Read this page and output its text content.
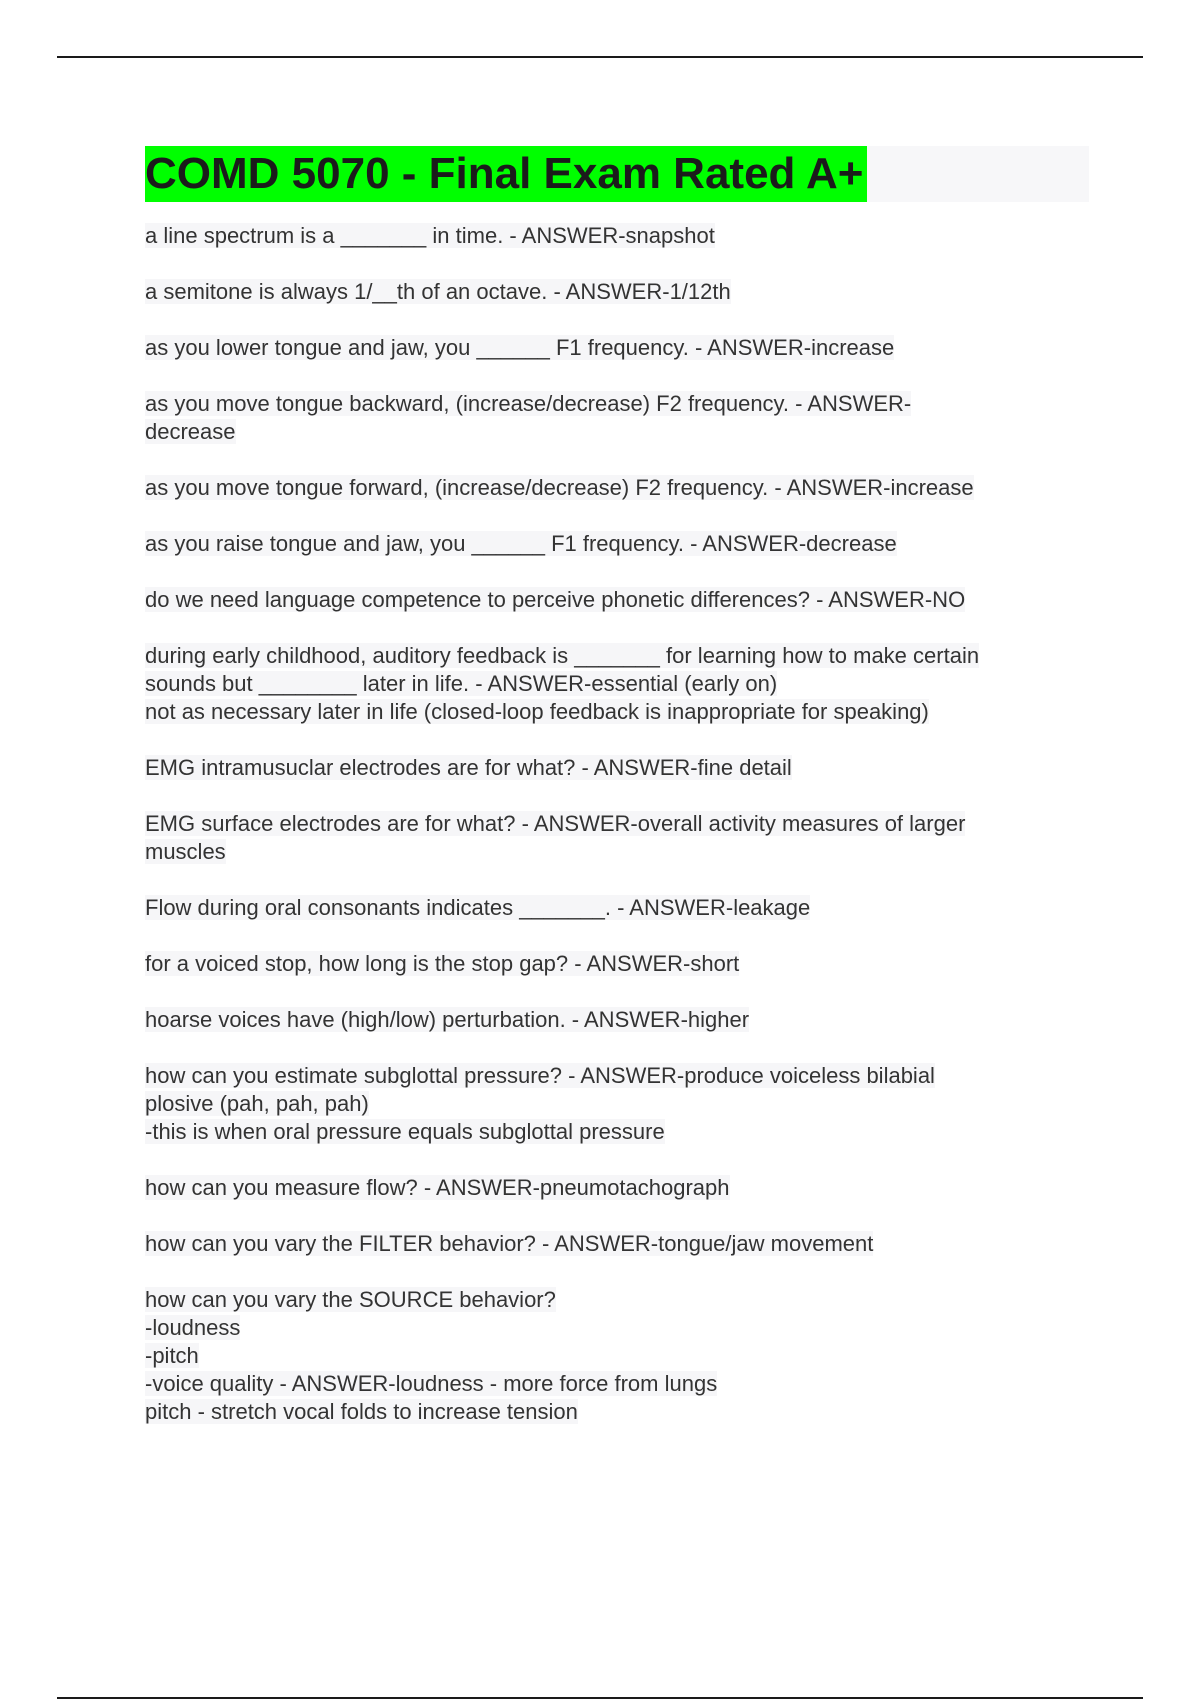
COMD 5070 - Final Exam Rated A+
a line spectrum is a _______ in time. - ANSWER-snapshot
a semitone is always 1/__th of an octave. - ANSWER-1/12th
as you lower tongue and jaw, you ______ F1 frequency. - ANSWER-increase
as you move tongue backward, (increase/decrease) F2 frequency. - ANSWER-
decrease
as you move tongue forward, (increase/decrease) F2 frequency. - ANSWER-increase
as you raise tongue and jaw, you ______ F1 frequency. - ANSWER-decrease
do we need language competence to perceive phonetic differences? - ANSWER-NO
during early childhood, auditory feedback is _______ for learning how to make certain
sounds but ________ later in life. - ANSWER-essential (early on)
not as necessary later in life (closed-loop feedback is inappropriate for speaking)
EMG intramusuclar electrodes are for what? - ANSWER-fine detail
EMG surface electrodes are for what? - ANSWER-overall activity measures of larger
muscles
Flow during oral consonants indicates _______. - ANSWER-leakage
for a voiced stop, how long is the stop gap? - ANSWER-short
hoarse voices have (high/low) perturbation. - ANSWER-higher
how can you estimate subglottal pressure? - ANSWER-produce voiceless bilabial
plosive (pah, pah, pah)
-this is when oral pressure equals subglottal pressure
how can you measure flow? - ANSWER-pneumotachograph
how can you vary the FILTER behavior? - ANSWER-tongue/jaw movement
how can you vary the SOURCE behavior?
-loudness
-pitch
-voice quality - ANSWER-loudness - more force from lungs
pitch - stretch vocal folds to increase tension
